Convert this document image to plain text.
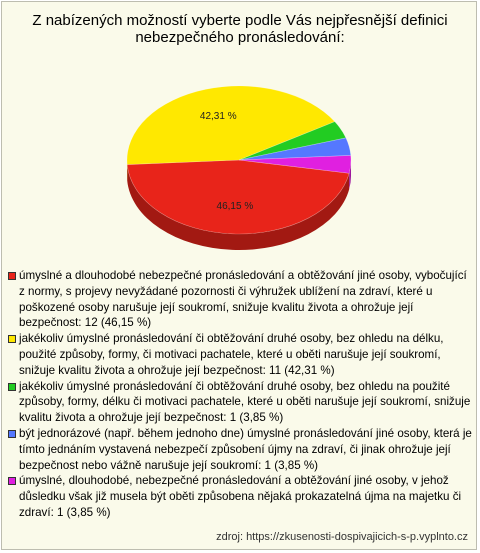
Z nabízených možností vyberte podle Vás nejpřesnější definici
nebezpečného pronásledování:
46,15 %
42,31 %
úmyslné a dlouhodobé nebezpečné pronásledování a obtěžování jiné osoby, vybočující z normy, s projevy nevyžádané pozornosti či výhružek ublížení na zdraví, které u poškozené osoby narušuje její soukromí, snižuje kvalitu života a ohrožuje její bezpečnost: 12 (46,15 %)
jakékoliv úmyslné pronásledování či obtěžování druhé osoby, bez ohledu na délku, použité způsoby, formy, či motivaci pachatele, které u oběti narušuje její soukromí, snižuje kvalitu života a ohrožuje její bezpečnost: 11 (42,31 %)
jakékoliv úmyslné pronásledování či obtěžování druhé osoby, bez ohledu na použité způsoby, formy, délku či motivaci pachatele, které u oběti narušuje její soukromí, snižuje kvalitu života a ohrožuje její bezpečnost: 1 (3,85 %)
být jednorázové (např. během jednoho dne) úmyslné pronásledování jiné osoby, která je tímto jednáním vystavená nebezpečí způsobení újmy na zdraví, či jinak ohrožuje její bezpečnost nebo vážně narušuje její soukromí: 1 (3,85 %)
úmyslné, dlouhodobé, nebezpečné pronásledování a obtěžování jiné osoby, v jehož důsledku však již musela být oběti způsobena nějaká prokazatelná újma na majetku či zdraví: 1 (3,85 %)
zdroj: https://zkusenosti-dospivajicich-s-p.vyplnto.cz
